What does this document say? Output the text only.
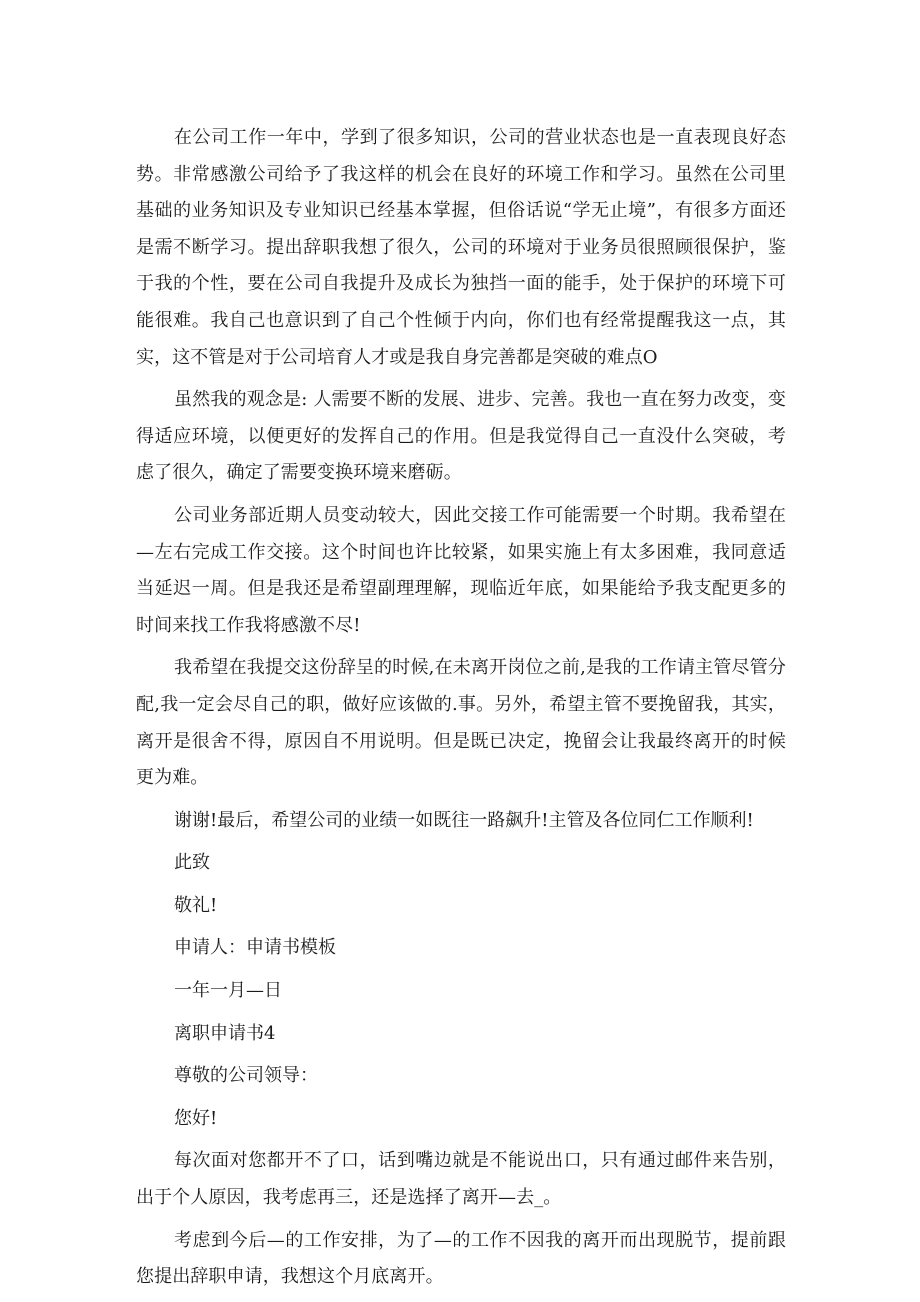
在公司工作一年中，学到了很多知识，公司的营业状态也是一直表现良好态势。非常感激公司给予了我这样的机会在良好的环境工作和学习。虽然在公司里基础的业务知识及专业知识已经基本掌握，但俗话说“学无止境”，有很多方面还是需不断学习。提出辞职我想了很久，公司的环境对于业务员很照顾很保护，鉴于我的个性，要在公司自我提升及成长为独挡一面的能手，处于保护的环境下可能很难。我自己也意识到了自己个性倾于内向，你们也有经常提醒我这一点，其实，这不管是对于公司培育人才或是我自身完善都是突破的难点O

虽然我的观念是: 人需要不断的发展、进步、完善。我也一直在努力改变，变得适应环境，以便更好的发挥自己的作用。但是我觉得自己一直没什么突破，考虑了很久，确定了需要变换环境来磨砺。

公司业务部近期人员变动较大，因此交接工作可能需要一个时期。我希望在—左右完成工作交接。这个时间也许比较紧，如果实施上有太多困难，我同意适当延迟一周。但是我还是希望副理理解，现临近年底，如果能给予我支配更多的时间来找工作我将感激不尽!

我希望在我提交这份辞呈的时候,在未离开岗位之前,是我的工作请主管尽管分配,我一定会尽自己的职，做好应该做的.事。另外，希望主管不要挽留我，其实，离开是很舍不得，原因自不用说明。但是既已决定，挽留会让我最终离开的时候更为难。

谢谢!最后，希望公司的业绩一如既往一路飙升!主管及各位同仁工作顺利!

此致

敬礼!

申请人：申请书模板

一年一月—日

离职申请书4

尊敬的公司领导：

您好!

每次面对您都开不了口，话到嘴边就是不能说出口，只有通过邮件来告别，出于个人原因，我考虑再三，还是选择了离开—去_。

考虑到今后—的工作安排，为了—的工作不因我的离开而出现脱节，提前跟您提出辞职申请，我想这个月底离开。
